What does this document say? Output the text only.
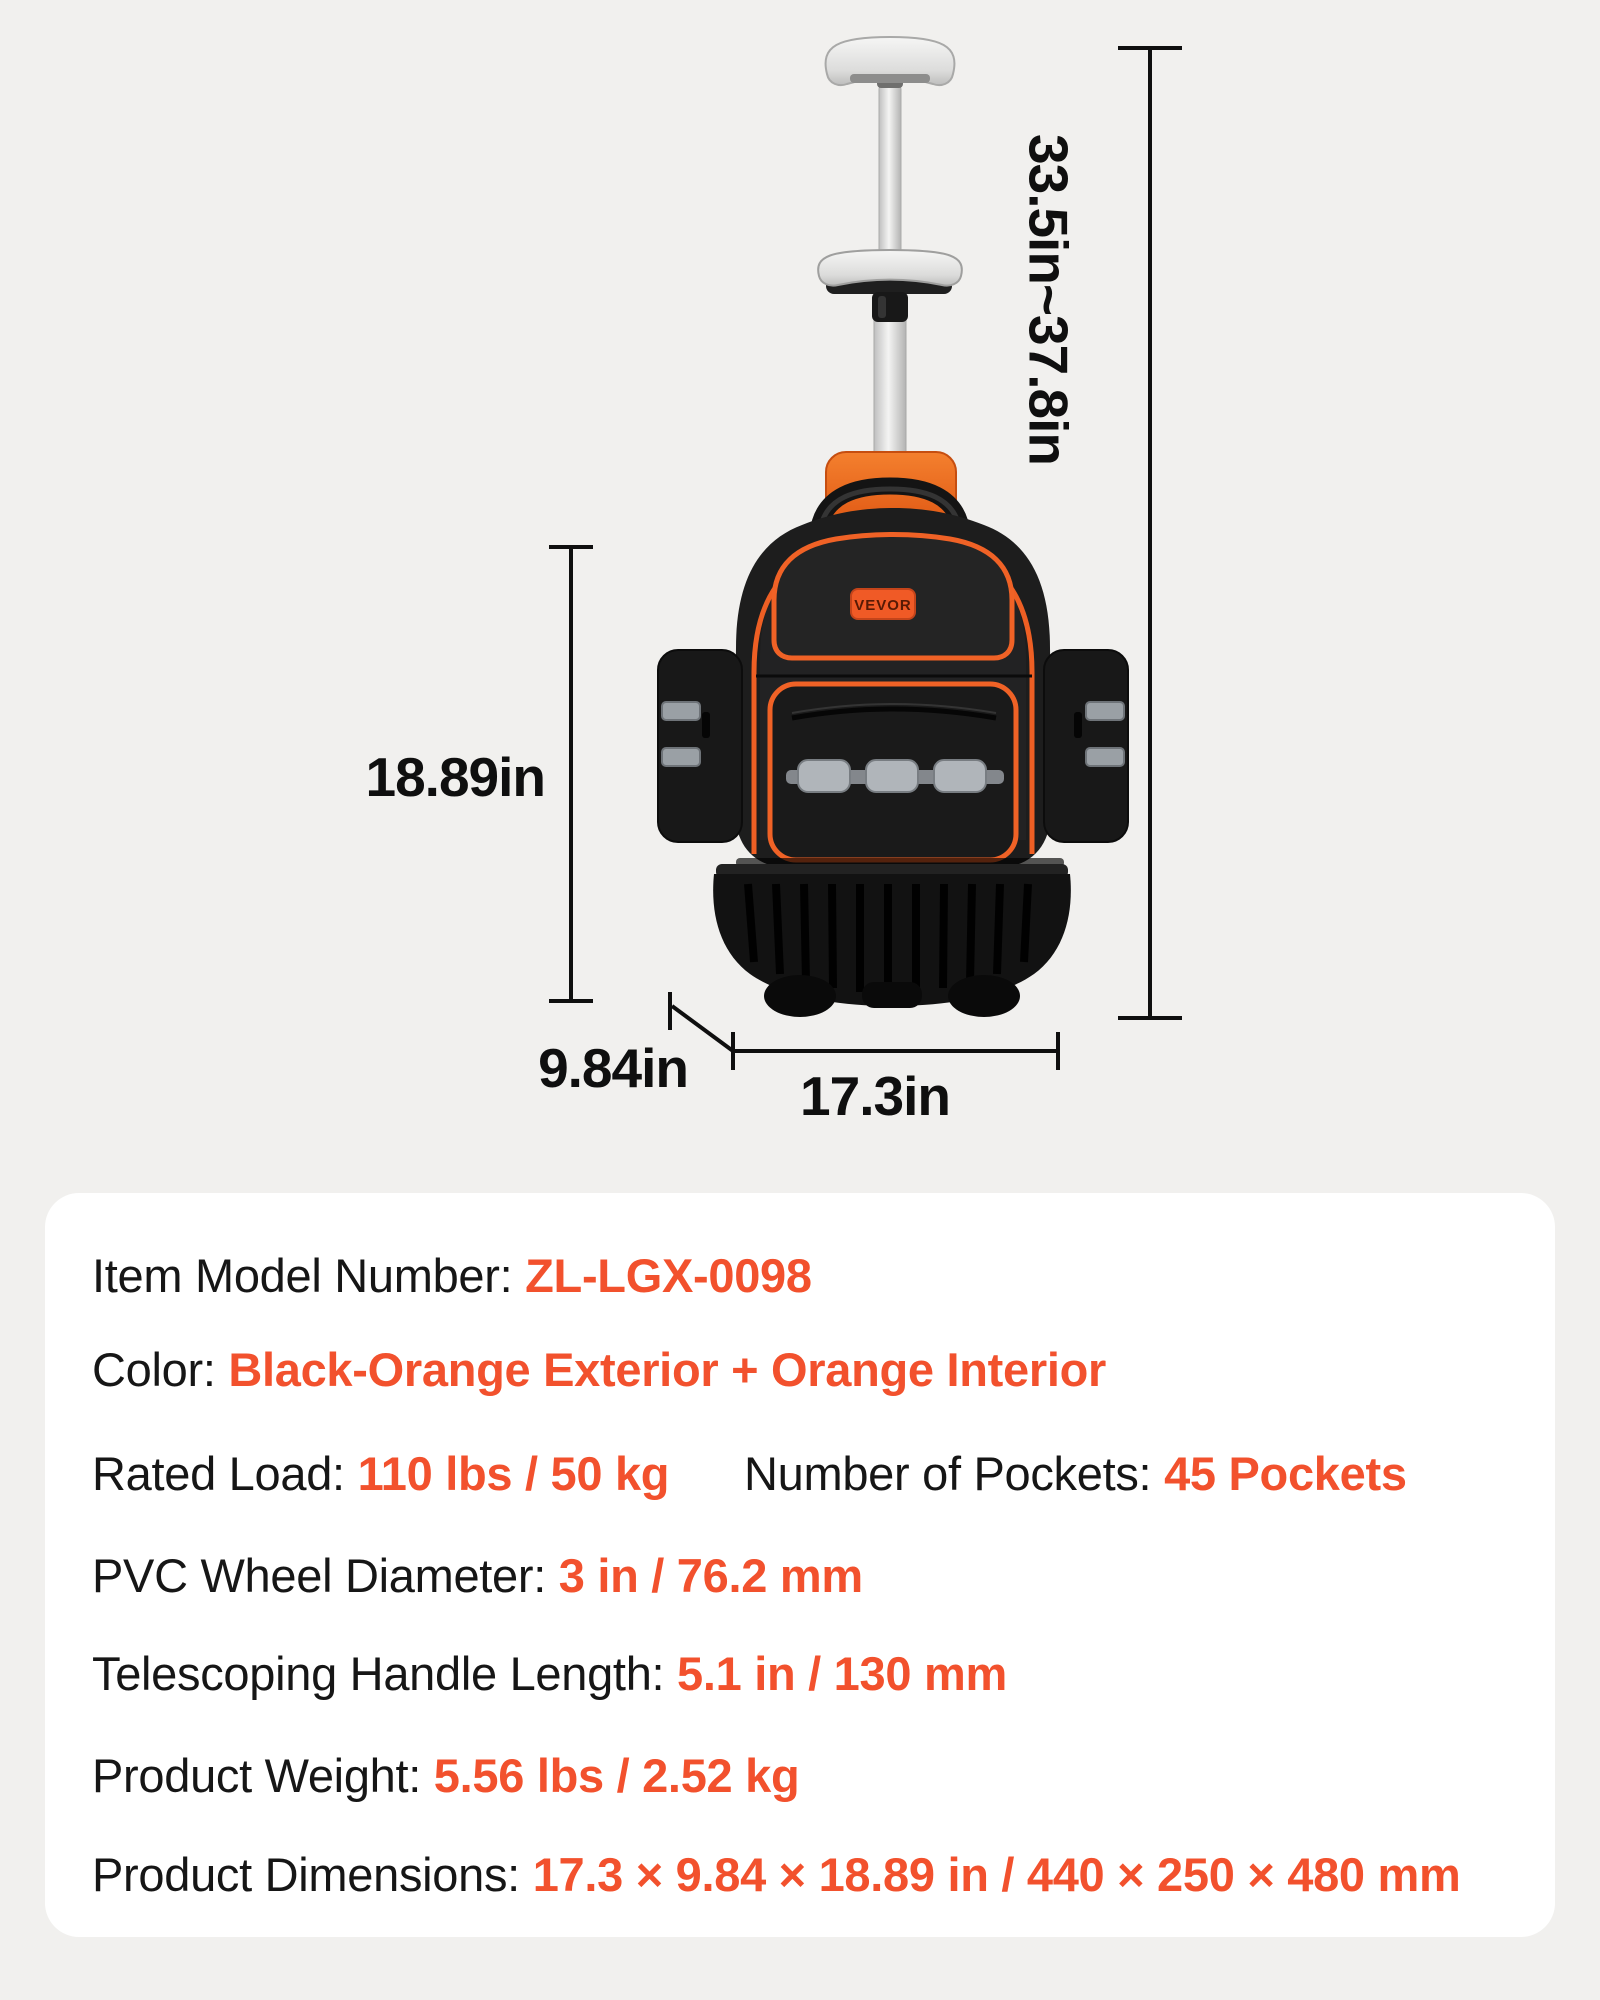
VEVOR
33.5in~37.8in
18.89in
9.84in	17.3in
Item Model Number: ZL-LGX-0098
Color: Black-Orange Exterior + Orange Interior
Rated Load: 110 lbs / 50 kg Number of Pockets: 45 Pockets
PVC Wheel Diameter: 3 in / 76.2 mm
Telescoping Handle Length: 5.1 in / 130 mm
Product Weight: 5.56 lbs / 2.52 kg
Product Dimensions: 17.3 × 9.84 × 18.89 in / 440 × 250 × 480 mm
